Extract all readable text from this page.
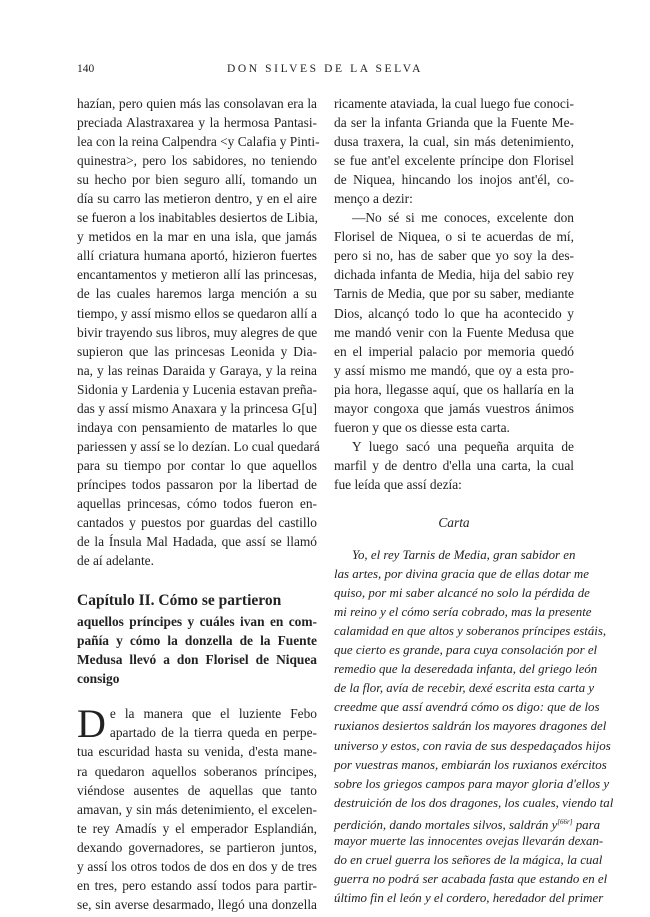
140	DON SILVES DE LA SELVA
hazían, pero quien más las consolavan era la
preciada Alastraxarea y la hermosa Pantasi-
lea con la reina Calpendra <y Calafia y Pinti-
quinestra>, pero los sabidores, no teniendo
su hecho por bien seguro allí, tomando un
día su carro las metieron dentro, y en el aire
se fueron a los inabitables desiertos de Libia,
y metidos en la mar en una isla, que jamás
allí criatura humana aportó, hizieron fuertes
encantamentos y metieron allí las princesas,
de las cuales haremos larga mención a su
tiempo, y assí mismo ellos se quedaron allí a
bivir trayendo sus libros, muy alegres de que
supieron que las princesas Leonida y Dia-
na, y las reinas Daraida y Garaya, y la reina
Sidonia y Lardenia y Lucenia estavan preña-
das y assí mismo Anaxara y la princesa G[u]
indaya con pensamiento de matarles lo que
pariessen y assí se lo dezían. Lo cual quedará
para su tiempo por contar lo que aquellos
príncipes todos passaron por la libertad de
aquellas princesas, cómo todos fueron en-
cantados y puestos por guardas del castillo
de la Ínsula Mal Hadada, que assí se llamó
de aí adelante.
Capítulo II. Cómo se partieron
aquellos príncipes y cuáles ivan en com-
pañía y cómo la donzella de la Fuente
Medusa llevó a don Florisel de Niquea
consigo
D e la manera que el luziente Febo
apartado de la tierra queda en perpe-
tua escuridad hasta su venida, d'esta mane-
ra quedaron aquellos soberanos príncipes,
viéndose ausentes de aquellas que tanto
amavan, y sin más detenimiento, el excelen-
te rey Amadís y el emperador Esplandián,
dexando governadores, se partieron juntos,
y assí los otros todos de dos en dos y de tres
en tres, pero estando assí todos para partir-
se, sin averse desarmado, llegó una donzella
ricamente ataviada, la cual luego fue conoci-
da ser la infanta Grianda que la Fuente Me-
dusa traxera, la cual, sin más detenimiento,
se fue ant'el excelente príncipe don Florisel
de Niquea, hincando los inojos ant'él, co-
menço a dezir:
—No sé si me conoces, excelente don
Florisel de Niquea, o si te acuerdas de mí,
pero si no, has de saber que yo soy la des-
dichada infanta de Media, hija del sabio rey
Tarnis de Media, que por su saber, mediante
Dios, alcançó todo lo que ha acontecido y
me mandó venir con la Fuente Medusa que
en el imperial palacio por memoria quedó
y assí mismo me mandó, que oy a esta pro-
pia hora, llegasse aquí, que os hallaría en la
mayor congoxa que jamás vuestros ánimos
fueron y que os diesse esta carta.
Y luego sacó una pequeña arquita de
marfil y de dentro d'ella una carta, la cual
fue leída que assí dezía:
Carta
Yo, el rey Tarnis de Media, gran sabidor en
las artes, por divina gracia que de ellas dotar me
quiso, por mi saber alcancé no solo la pérdida de
mi reino y el cómo sería cobrado, mas la presente
calamidad en que altos y soberanos príncipes estáis,
que cierto es grande, para cuya consolación por el
remedio que la deseredada infanta, del griego león
de la flor, avía de recebir, dexé escrita esta carta y
creedme que assí avendrá cómo os digo: que de los
ruxianos desiertos saldrán los mayores dragones del
universo y estos, con ravia de sus despedaçados hijos
por vuestras manos, embiarán los ruxianos exércitos
sobre los griegos campos para mayor gloria d'ellos y
destruición de los dos dragones, los cuales, viendo tal
perdición, dando mortales silvos, saldrán y[66r] para
mayor muerte las innocentes ovejas llevarán dexan-
do en cruel guerra los señores de la mágica, la cual
guerra no podrá ser acabada fasta que estando en el
último fin el león y el cordero, heredador del primer
